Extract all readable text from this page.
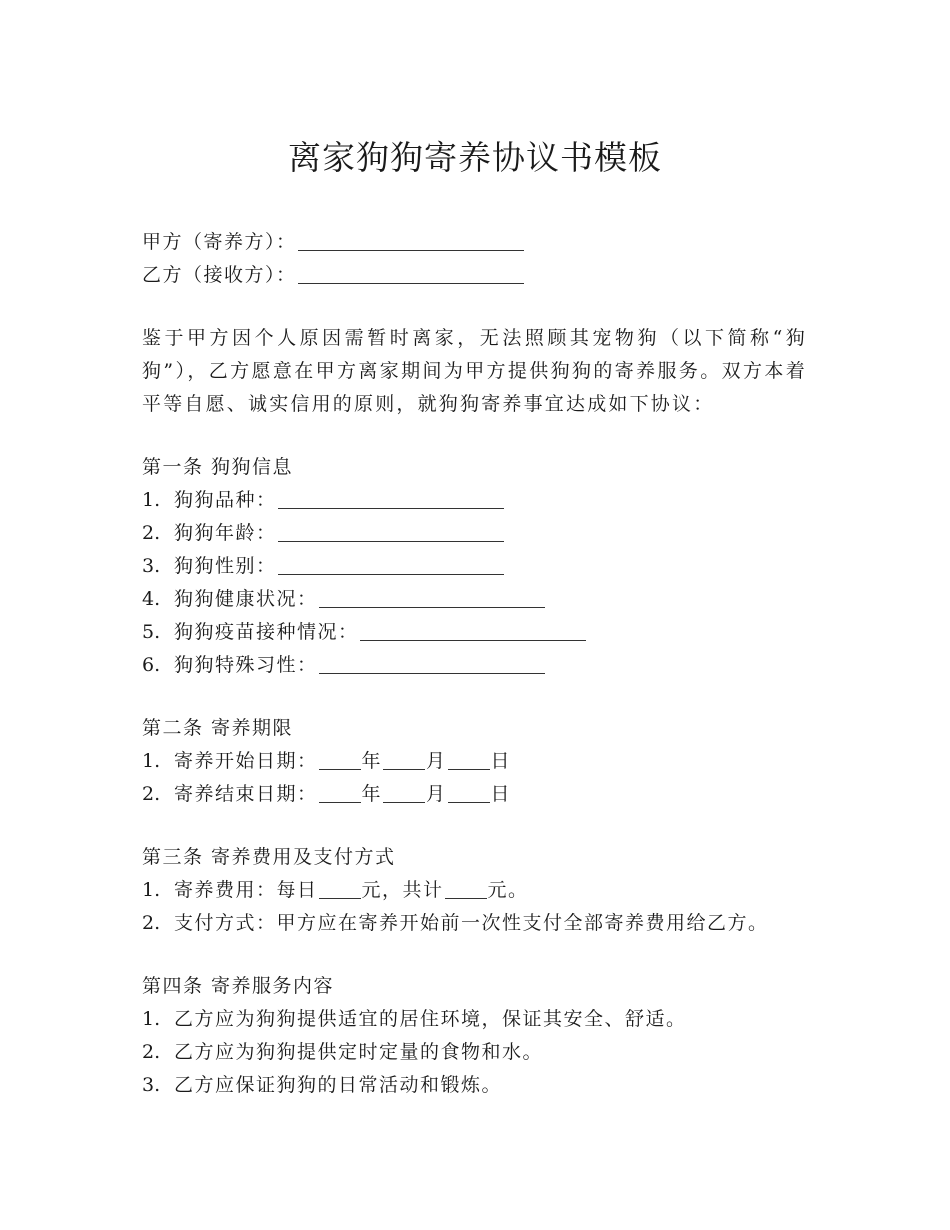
离家狗狗寄养协议书模板
甲方（寄养方）：
乙方（接收方）：
鉴于甲方因个人原因需暂时离家，无法照顾其宠物狗（以下简称“狗狗”），乙方愿意在甲方离家期间为甲方提供狗狗的寄养服务。双方本着平等自愿、诚实信用的原则，就狗狗寄养事宜达成如下协议：
第一条 狗狗信息
1. 狗狗品种：
2. 狗狗年龄：
3. 狗狗性别：
4. 狗狗健康状况：
5. 狗狗疫苗接种情况：
6. 狗狗特殊习性：
第二条 寄养期限
1. 寄养开始日期： 年 月 日
2. 寄养结束日期： 年 月 日
第三条 寄养费用及支付方式
1. 寄养费用：每日 元，共计 元。
2. 支付方式：甲方应在寄养开始前一次性支付全部寄养费用给乙方。
第四条 寄养服务内容
1. 乙方应为狗狗提供适宜的居住环境，保证其安全、舒适。
2. 乙方应为狗狗提供定时定量的食物和水。
3. 乙方应保证狗狗的日常活动和锻炼。
